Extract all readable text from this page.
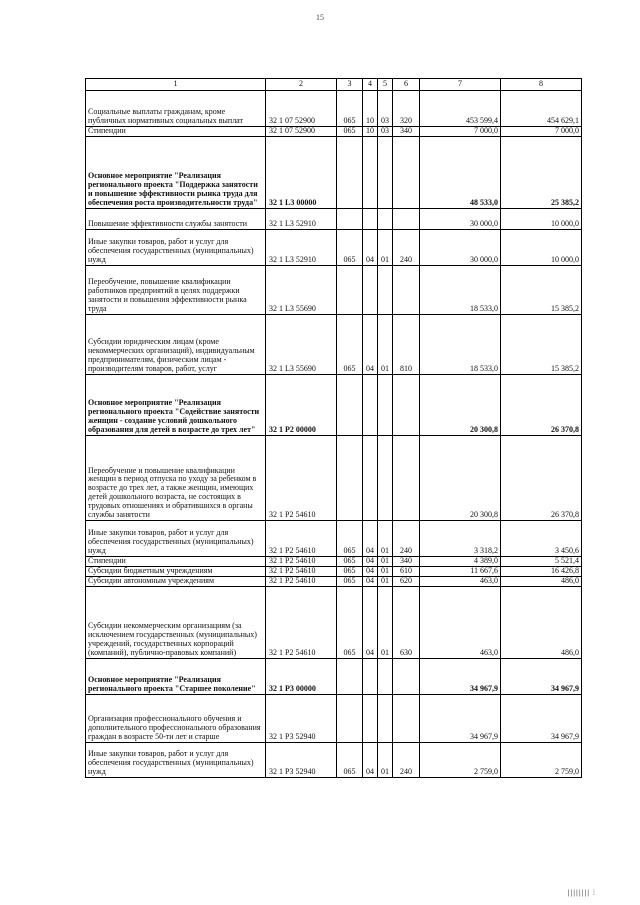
15
1	2	3	4	5	6	7	8
Социальные выплаты гражданам, кроме публичных нормативных социальных выплат	32 1 07 52900	065	10	03	320	453 599,4	454 629,1
Стипендии	32 1 07 52900	065	10	03	340	7 000,0	7 000,0
Основное мероприятие "Реализация регионального проекта "Поддержка занятости и повышение эффективности рынка труда для обеспечения роста производительности труда"	32 1 L3 00000					48 533,0	25 385,2
Повышение эффективности службы занятости	32 1 L3 52910					30 000,0	10 000,0
Иные закупки товаров, работ и услуг для обеспечения государственных (муниципальных) нужд	32 1 L3 52910	065	04	01	240	30 000,0	10 000,0
Переобучение, повышение квалификации работников предприятий в целях поддержки занятости и повышения эффективности рынка труда	32 1 L3 55690					18 533,0	15 385,2
Субсидии юридическим лицам (кроме некоммерческих организаций), индивидуальным предпринимателям, физическим лицам - производителям товаров, работ, услуг	32 1 L3 55690	065	04	01	810	18 533,0	15 385,2
Основное мероприятие "Реализация регионального проекта "Содействие занятости женщин - создание условий дошкольного образования для детей в возрасте до трех лет"	32 1 P2 00000					20 300,8	26 370,8
Переобучение и повышение квалификации женщин в период отпуска по уходу за ребенком в возрасте до трех лет, а также женщин, имеющих детей дошкольного возраста, не состоящих в трудовых отношениях и обратившихся в органы службы занятости	32 1 P2 54610					20 300,8	26 370,8
Иные закупки товаров, работ и услуг для обеспечения государственных (муниципальных) нужд	32 1 P2 54610	065	04	01	240	3 318,2	3 450,6
Стипендии	32 1 P2 54610	065	04	01	340	4 389,0	5 521,4
Субсидии бюджетным учреждениям	32 1 P2 54610	065	04	01	610	11 667,6	16 426,8
Субсидии автономным учреждениям	32 1 P2 54610	065	04	01	620	463,0	486,0
Субсидии некоммерческим организациям (за исключением государственных (муниципальных) учреждений, государственных корпораций (компаний), публично-правовых компаний)	32 1 P2 54610	065	04	01	630	463,0	486,0
Основное мероприятие "Реализация регионального проекта "Старшее поколение"	32 1 P3 00000					34 967,9	34 967,9
Организация профессионального обучения и дополнительного профессионального образования граждан в возрасте 50-ти лет и старше	32 1 P3 52940					34 967,9	34 967,9
Иные закупки товаров, работ и услуг для обеспечения государственных (муниципальных) нужд	32 1 P3 52940	065	04	01	240	2 759,0	2 759,0
|||||||| ⁞
